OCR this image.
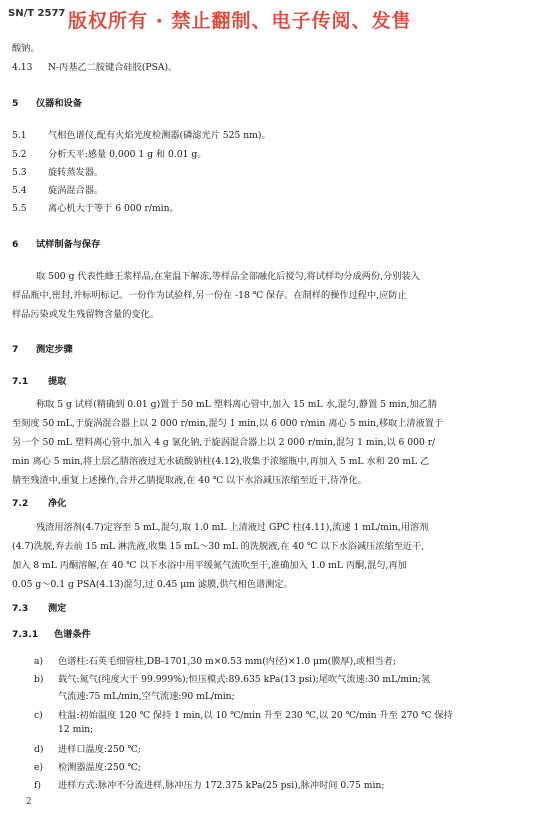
SN/T 2577 版权所有 · 禁止翻制、电子传阅、发售
酸钠。
4.13 N-丙基乙二胺键合硅胶(PSA)。
5 仪器和设备
5.1 气相色谱仪,配有火焰光度检测器(磷滤光片 525 nm)。
5.2 分析天平:感量 0.000 1 g 和 0.01 g。
5.3 旋转蒸发器。
5.4 旋涡混合器。
5.5 离心机大于等于 6 000 r/min。
6 试样制备与保存
取 500 g 代表性蜂王浆样品,在室温下解冻,等样品全部融化后搅匀,将试样均分成两份,分别装入
样品瓶中,密封,并标明标记。一份作为试验样,另一份在 -18 ℃ 保存。在制样的操作过程中,应防止
样品污染或发生残留物含量的变化。
7 测定步骤
7.1 提取
称取 5 g 试样(精确到 0.01 g)置于 50 mL 塑料离心管中,加入 15 mL 水,混匀,静置 5 min,加乙腈
至刻度 50 mL,于旋涡混合器上以 2 000 r/min,混匀 1 min,以 6 000 r/min 离心 5 min,移取上清液置于
另一个 50 mL 塑料离心管中,加入 4 g 氯化钠,于旋涡混合器上以 2 000 r/min,混匀 1 min,以 6 000 r/
min 离心 5 min,将上层乙腈溶液过无水硫酸钠柱(4.12),收集于浓缩瓶中,再加入 5 mL 水和 20 mL 乙
腈至残渣中,重复上述操作,合并乙腈提取液,在 40 ℃ 以下水浴减压浓缩至近干,待净化。
7.2 净化
残渣用溶剂(4.7)定容至 5 mL,混匀,取 1.0 mL 上清液过 GPC 柱(4.11),流速 1 mL/min,用溶剂
(4.7)洗脱,弃去前 15 mL 淋洗液,收集 15 mL～30 mL 的洗脱液,在 40 ℃ 以下水浴减压浓缩至近干,
加入 8 mL 丙酮溶解,在 40 ℃ 以下水浴中用平缓氮气流吹至干,准确加入 1.0 mL 丙酮,混匀,再加
0.05 g～0.1 g PSA(4.13)混匀,过 0.45 μm 滤膜,供气相色谱测定。
7.3 测定
7.3.1 色谱条件
a) 色谱柱:石英毛细管柱,DB-1701,30 m×0.53 mm(内径)×1.0 μm(膜厚),或相当者;
b) 载气:氮气(纯度大于 99.999%);恒压模式:89.635 kPa(13 psi);尾吹气流速:30 mL/min;氢
气流速:75 mL/min,空气流速:90 mL/min;
c) 柱温:初始温度 120 ℃ 保持 1 min,以 10 ℃/min 升至 230 ℃,以 20 ℃/min 升至 270 ℃ 保持
12 min;
d) 进样口温度:250 ℃;
e) 检测器温度:250 ℃;
f) 进样方式:脉冲不分流进样,脉冲压力 172.375 kPa(25 psi),脉冲时间 0.75 min;
2
